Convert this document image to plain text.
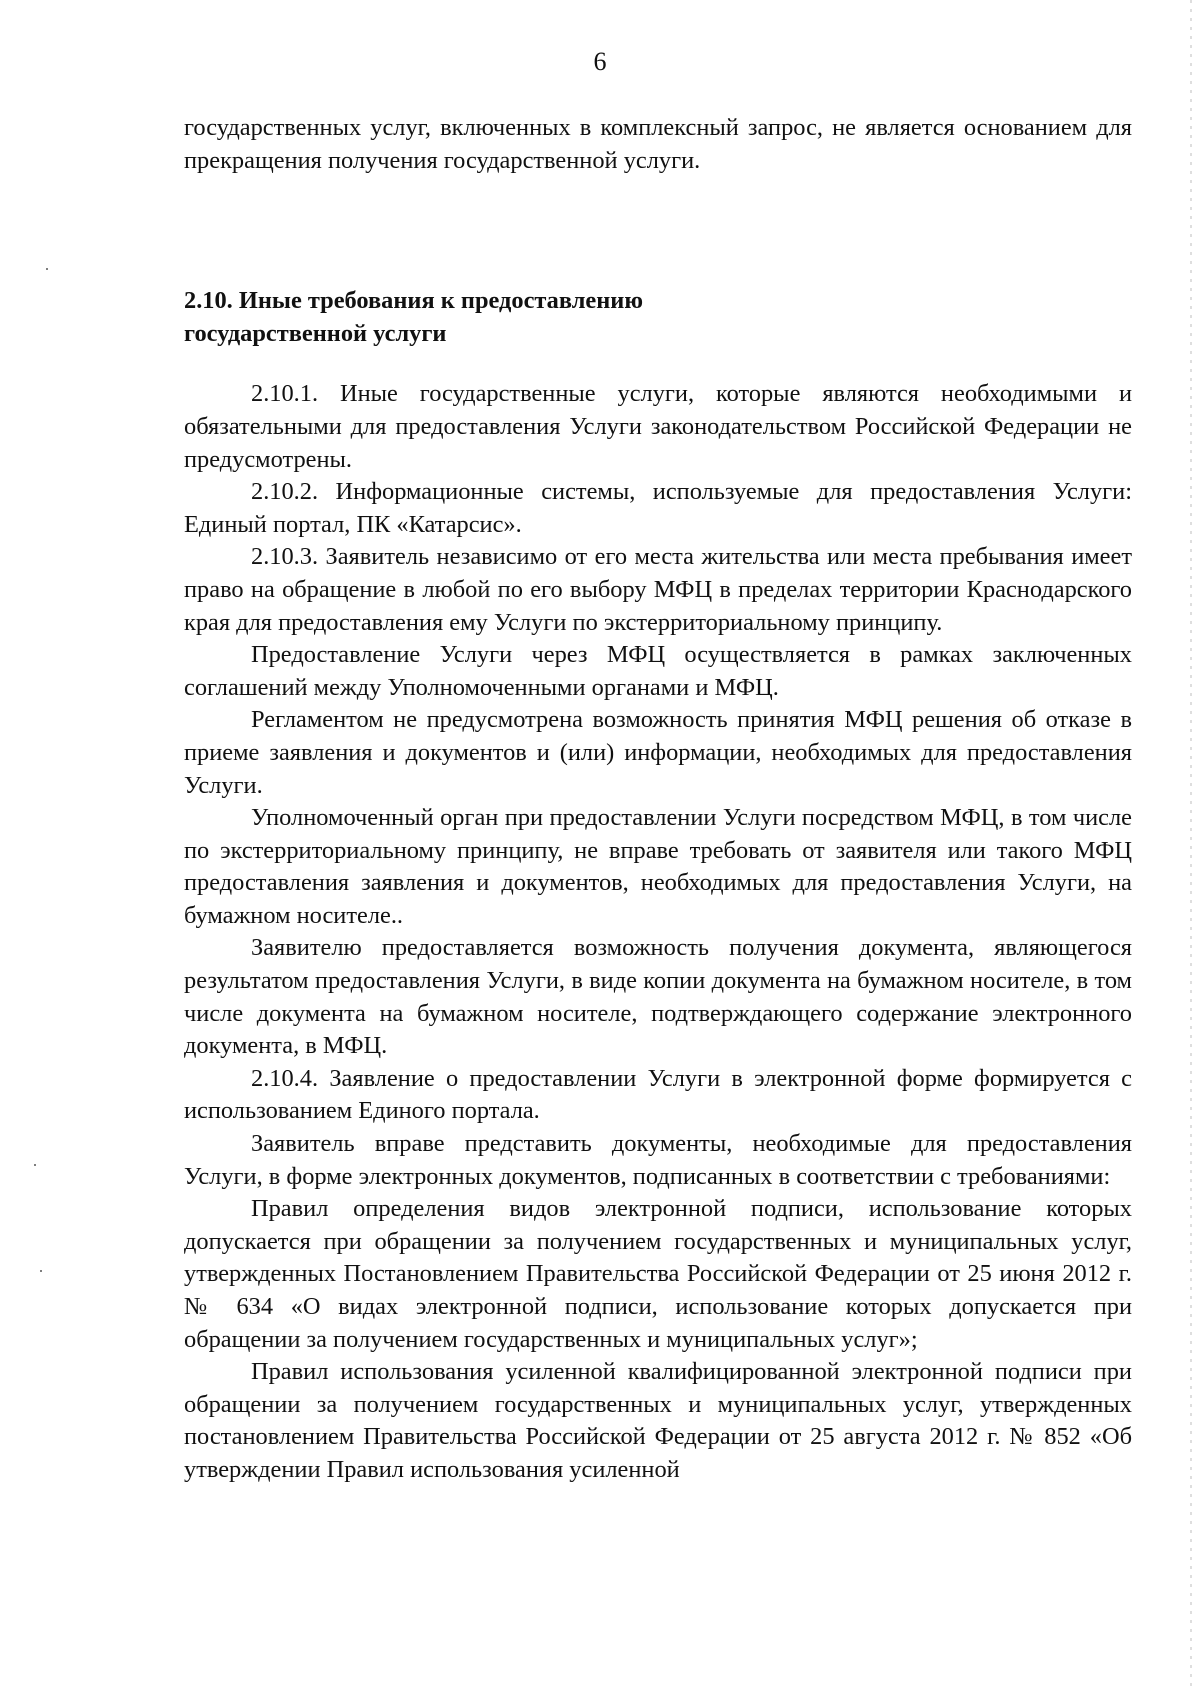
6

государственных услуг, включенных в комплексный запрос, не является основанием для прекращения получения государственной услуги.

2.10. Иные требования к предоставлению

государственной услуги

2.10.1. Иные государственные услуги, которые являются необходимыми и обязательными для предоставления Услуги законодательством Российской Федерации не предусмотрены.

2.10.2. Информационные системы, используемые для предоставления Услуги: Единый портал, ПК «Катарсис».

2.10.3. Заявитель независимо от его места жительства или места пребывания имеет право на обращение в любой по его выбору МФЦ в пределах территории Краснодарского края для предоставления ему Услуги по экстерриториальному принципу.

Предоставление Услуги через МФЦ осуществляется в рамках заключенных соглашений между Уполномоченными органами и МФЦ.

Регламентом не предусмотрена возможность принятия МФЦ решения об отказе в приеме заявления и документов и (или) информации, необходимых для предоставления Услуги.

Уполномоченный орган при предоставлении Услуги посредством МФЦ, в том числе по экстерриториальному принципу, не вправе требовать от заявителя или такого МФЦ предоставления заявления и документов, необходимых для предоставления Услуги, на бумажном носителе..

Заявителю предоставляется возможность получения документа, являющегося результатом предоставления Услуги, в виде копии документа на бумажном носителе, в том числе документа на бумажном носителе, подтверждающего содержание электронного документа, в МФЦ.

2.10.4. Заявление о предоставлении Услуги в электронной форме формируется с использованием Единого портала.

Заявитель вправе представить документы, необходимые для предоставления Услуги, в форме электронных документов, подписанных в соответствии с требованиями:

Правил определения видов электронной подписи, использование которых допускается при обращении за получением государственных и муниципальных услуг, утвержденных Постановлением Правительства Российской Федерации от 25 июня 2012 г. № 634 «О видах электронной подписи, использование которых допускается при обращении за получением государственных и муниципальных услуг»;

Правил использования усиленной квалифицированной электронной подписи при обращении за получением государственных и муниципальных услуг, утвержденных постановлением Правительства Российской Федерации от 25 августа 2012 г. № 852 «Об утверждении Правил использования усиленной
